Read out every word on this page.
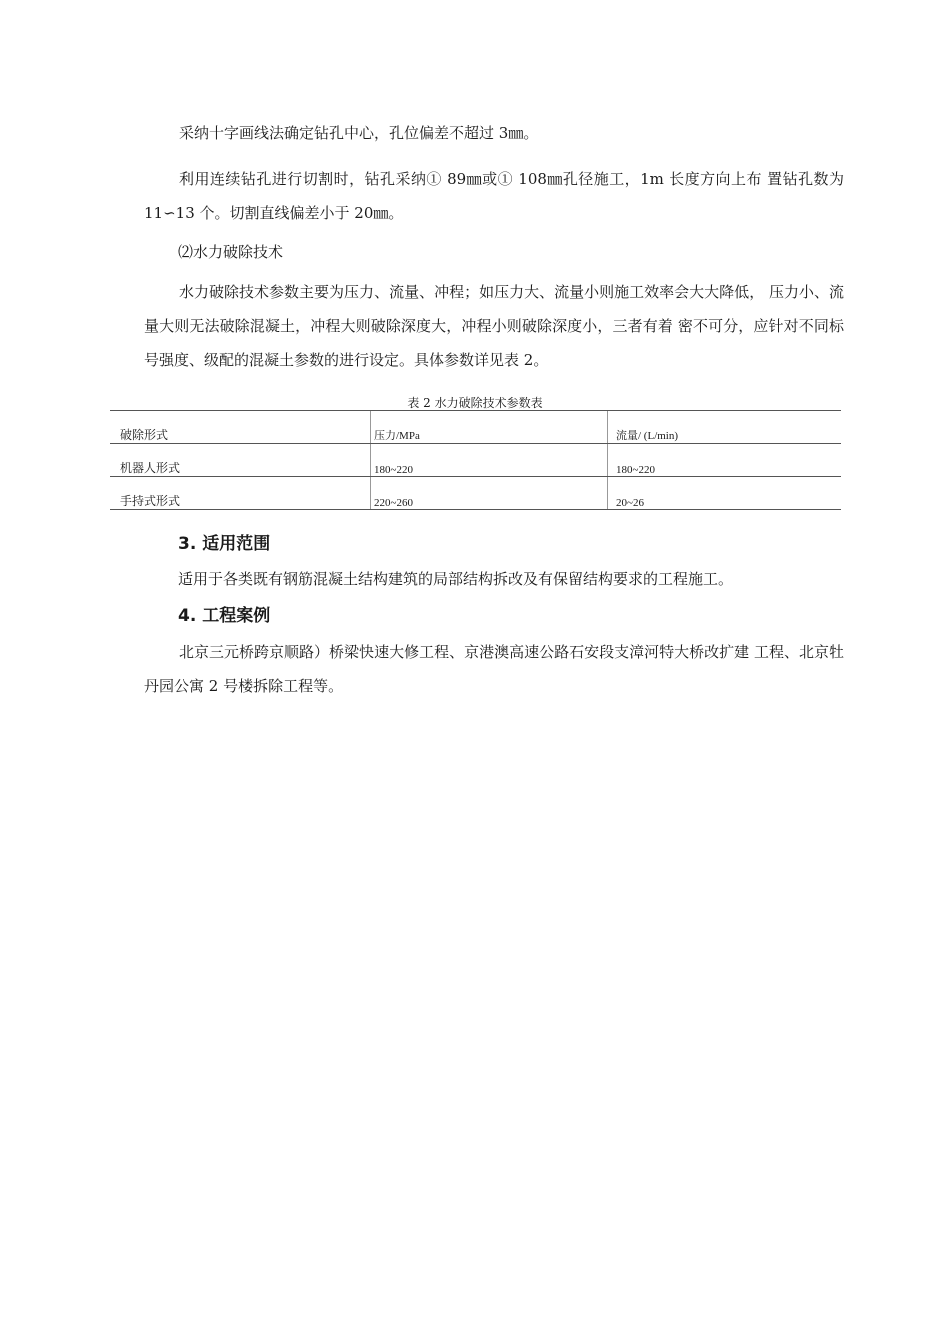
采纳十字画线法确定钻孔中心，孔位偏差不超过 3㎜。

利用连续钻孔进行切割时，钻孔采纳① 89㎜或① 108㎜孔径施工，1m 长度方向上布 置钻孔数为 11∽13 个。切割直线偏差小于 20㎜。

⑵水力破除技术

水力破除技术参数主要为压力、流量、冲程；如压力大、流量小则施工效率会大大降低， 压力小、流量大则无法破除混凝土，冲程大则破除深度大，冲程小则破除深度小，三者有着 密不可分，应针对不同标号强度、级配的混凝土参数的进行设定。具体参数详见表 2。

表 2 水力破除技术参数表

破除形式	压力/MPa	流量/ (L/min)
机器人形式	180~220	180~220
手持式形式	220~260	20~26
3. 适用范围

适用于各类既有钢筋混凝土结构建筑的局部结构拆改及有保留结构要求的工程施工。

4. 工程案例

北京三元桥跨京顺路）桥梁快速大修工程、京港澳高速公路石安段支漳河特大桥改扩建 工程、北京牡丹园公寓 2 号楼拆除工程等。
